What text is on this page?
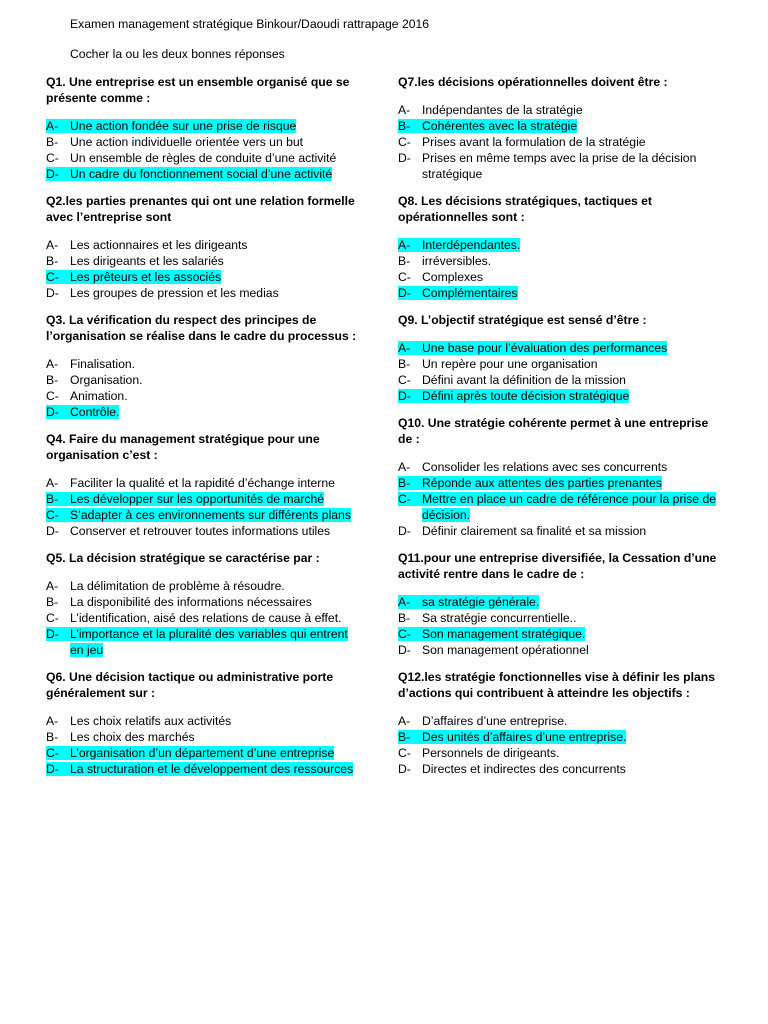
Examen management stratégique Binkour/Daoudi rattrapage 2016
Cocher la ou les deux bonnes réponses
Q1. Une entreprise est un ensemble organisé que se présente comme :
A- Une action fondée sur une prise de risque
B- Une action individuelle orientée vers un but
C- Un ensemble de règles de conduite d’une activité
D- Un cadre du fonctionnement social d’une activité
Q2.les parties prenantes qui ont une relation formelle avec l’entreprise sont
A- Les actionnaires et les dirigeants
B- Les dirigeants et les salariés
C- Les prêteurs et les associés
D- Les groupes de pression et les medias
Q3. La vérification du respect des principes de l’organisation se réalise dans le cadre du processus :
A- Finalisation.
B- Organisation.
C- Animation.
D- Contrôle.
Q4. Faire du management stratégique pour une organisation c’est :
A- Faciliter la qualité et la rapidité d’échange interne
B- Les développer sur les opportunités de marché
C- S’adapter à ces environnements sur différents plans
D- Conserver et retrouver toutes informations utiles
Q5. La décision stratégique se caractérise par :
A- La délimitation de problème à résoudre.
B- La disponibilité des informations nécessaires
C- L’identification, aisé des relations de cause à effet.
D- L’importance et la pluralité des variables qui entrent en jeu
Q6. Une décision tactique ou administrative porte généralement sur :
A- Les choix relatifs aux activités
B- Les choix des marchés
C- L’organisation d’un département d’une entreprise
D- La structuration et le développement des ressources
Q7.les décisions opérationnelles doivent être :
A- Indépendantes de la stratégie
B- Cohérentes avec la stratégie
C- Prises avant la formulation de la stratégie
D- Prises en même temps avec la prise de la décision stratégique
Q8. Les décisions stratégiques, tactiques et opérationnelles sont :
A- Interdépendantes.
B- irréversibles.
C- Complexes
D- Complémentaires
Q9. L’objectif stratégique est sensé d’être :
A- Une base pour l’évaluation des performances
B- Un repère pour une organisation
C- Défini avant la définition de la mission
D- Défini après toute décision stratégique
Q10. Une stratégie cohérente permet à une entreprise de :
A- Consolider les relations avec ses concurrents
B- Réponde aux attentes des parties prenantes
C- Mettre en place un cadre de référence pour la prise de décision.
D- Définir clairement sa finalité et sa mission
Q11.pour une entreprise diversifiée, la Cessation d’une activité rentre dans le cadre de :
A- sa stratégie générale.
B- Sa stratégie concurrentielle..
C- Son management stratégique.
D- Son management opérationnel
Q12.les stratégie fonctionnelles vise à définir les plans d’actions qui contribuent à atteindre les objectifs :
A- D’affaires d’une entreprise.
B- Des unités d’affaires d’une entreprise.
C- Personnels de dirigeants.
D- Directes et indirectes des concurrents
